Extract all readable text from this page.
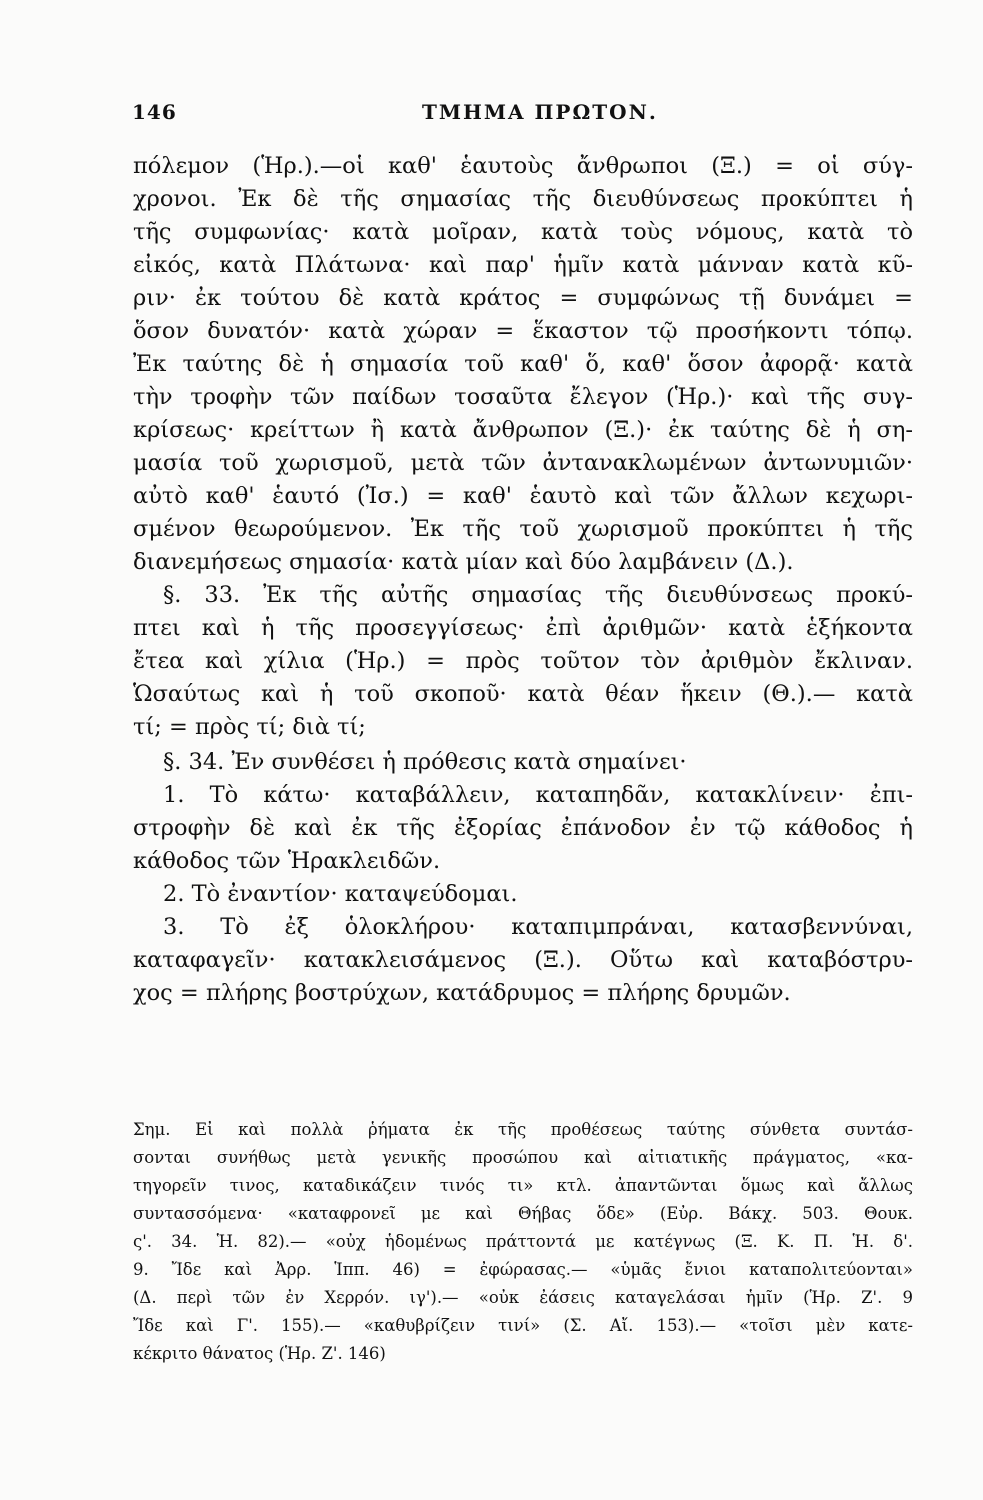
146	ΤΜΗΜΑ ΠΡΩΤΟΝ.
πόλεμον (Ἡρ.).—οἱ καθ' ἑαυτοὺς ἄνθρωποι (Ξ.) = οἱ σύγ-
χρονοι. Ἐκ δὲ τῆς σημασίας τῆς διευθύνσεως προκύπτει ἡ
τῆς συμφωνίας· κατὰ μοῖραν, κατὰ τοὺς νόμους, κατὰ τὸ
εἰκός, κατὰ Πλάτωνα· καὶ παρ' ἡμῖν κατὰ μάνναν κατὰ κῦ-
ριν· ἐκ τούτου δὲ κατὰ κράτος = συμφώνως τῇ δυνάμει =
ὅσον δυνατόν· κατὰ χώραν = ἕκαστον τῷ προσήκοντι τόπῳ.
Ἐκ ταύτης δὲ ἡ σημασία τοῦ καθ' ὅ, καθ' ὅσον ἀφορᾷ· κατὰ
τὴν τροφὴν τῶν παίδων τοσαῦτα ἔλεγον (Ἡρ.)· καὶ τῆς συγ-
κρίσεως· κρείττων ἢ κατὰ ἄνθρωπον (Ξ.)· ἐκ ταύτης δὲ ἡ ση-
μασία τοῦ χωρισμοῦ, μετὰ τῶν ἀντανακλωμένων ἀντωνυμιῶν·
αὐτὸ καθ' ἑαυτό (Ἰσ.) = καθ' ἑαυτὸ καὶ τῶν ἄλλων κεχωρι-
σμένον θεωρούμενον. Ἐκ τῆς τοῦ χωρισμοῦ προκύπτει ἡ τῆς
διανεμήσεως σημασία· κατὰ μίαν καὶ δύο λαμβάνειν (Δ.).
§. 33. Ἐκ τῆς αὐτῆς σημασίας τῆς διευθύνσεως προκύ-
πτει καὶ ἡ τῆς προσεγγίσεως· ἐπὶ ἀριθμῶν· κατὰ ἑξήκοντα
ἔτεα καὶ χίλια (Ἡρ.) = πρὸς τοῦτον τὸν ἀριθμὸν ἔκλιναν.
Ὡσαύτως καὶ ἡ τοῦ σκοποῦ· κατὰ θέαν ἥκειν (Θ.).— κατὰ
τί; = πρὸς τί; διὰ τί;
§. 34. Ἐν συνθέσει ἡ πρόθεσις κατὰ σημαίνει·
1. Τὸ κάτω· καταβάλλειν, καταπηδᾶν, κατακλίνειν· ἐπι-
στροφὴν δὲ καὶ ἐκ τῆς ἐξορίας ἐπάνοδον ἐν τῷ κάθοδος ἡ
κάθοδος τῶν Ἡρακλειδῶν.
2. Τὸ ἐναντίον· καταψεύδομαι.
3. Τὸ ἐξ ὁλοκλήρου· καταπιμπράναι, κατασβεννύναι,
καταφαγεῖν· κατακλεισάμενος (Ξ.). Οὕτω καὶ καταβόστρυ-
χος = πλήρης βοστρύχων, κατάδρυμος = πλήρης δρυμῶν.
Σημ. Εἰ καὶ πολλὰ ῥήματα ἐκ τῆς προθέσεως ταύτης σύνθετα συντάσ-
σονται συνήθως μετὰ γενικῆς προσώπου καὶ αἰτιατικῆς πράγματος, «κα-
τηγορεῖν τινος, καταδικάζειν τινός τι» κτλ. ἀπαντῶνται ὅμως καὶ ἄλλως
συντασσόμενα· «καταφρονεῖ με καὶ Θήβας ὅδε» (Εὐρ. Βάκχ. 503. Θουκ.
ς'. 34. Ἡ. 82).— «οὐχ ἡδομένως πράττοντά με κατέγνως (Ξ. Κ. Π. Ἡ. δ'.
9. Ἴδε καὶ Ἀρρ. Ἱππ. 46) = ἐφώρασας.— «ὑμᾶς ἔνιοι καταπολιτεύονται»
(Δ. περὶ τῶν ἐν Χερρόν. ιγ').— «οὐκ ἐάσεις καταγελάσαι ἡμῖν (Ἡρ. Ζ'. 9
Ἴδε καὶ Γ'. 155).— «καθυβρίζειν τινί» (Σ. Αἴ. 153).— «τοῖσι μὲν κατε-
κέκριτο θάνατος (Ἡρ. Ζ'. 146)
